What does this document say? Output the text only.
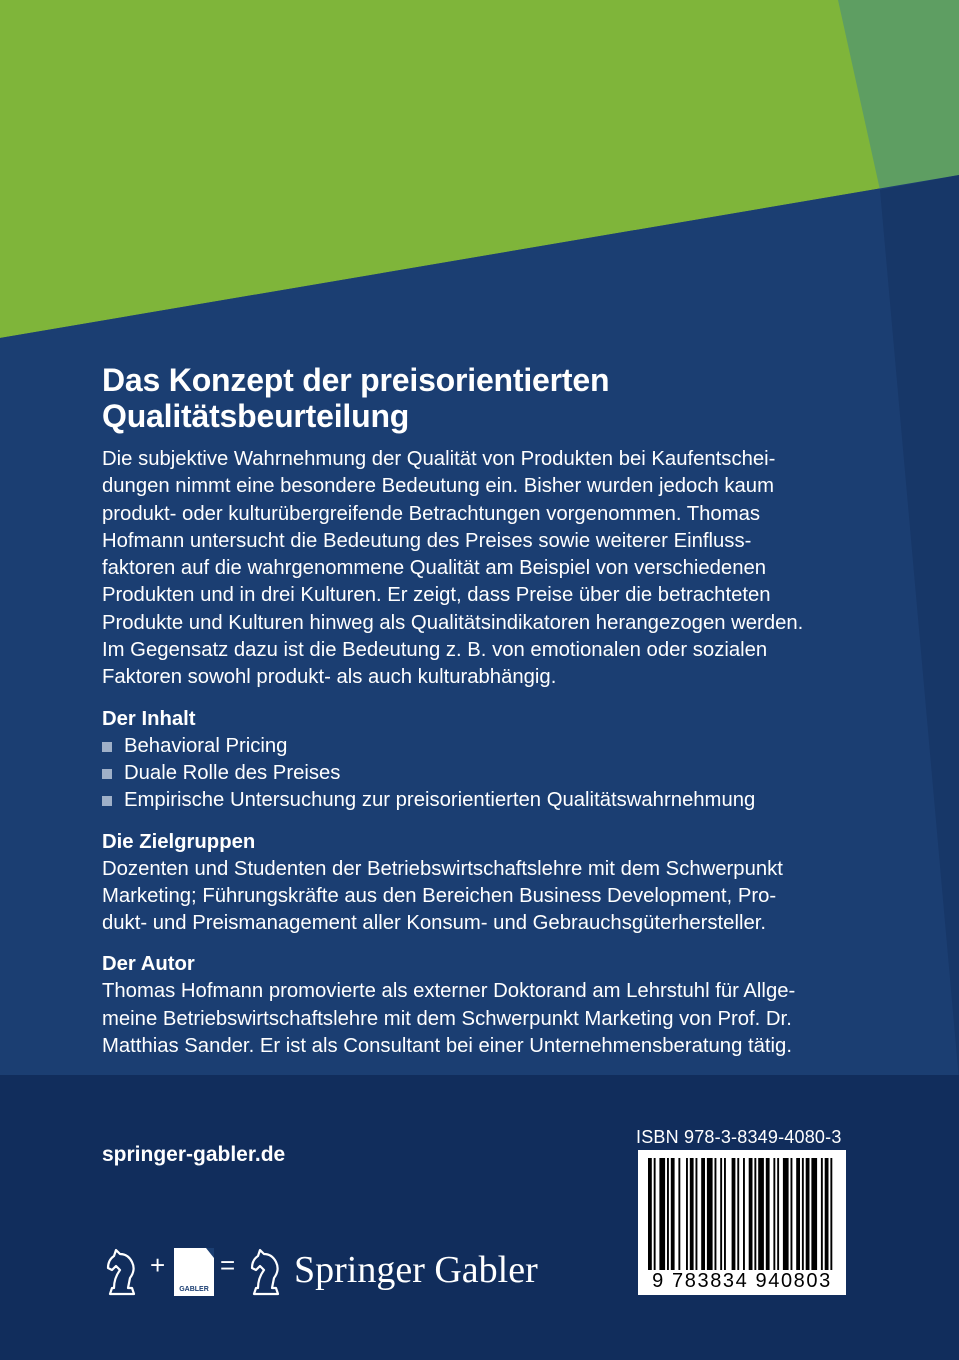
Das Konzept der preisorientierten
Qualitätsbeurteilung
Die subjektive Wahrnehmung der Qualität von Produkten bei Kaufentschei-
dungen nimmt eine besondere Bedeutung ein. Bisher wurden jedoch kaum
produkt- oder kulturübergreifende Betrachtungen vorgenommen. Thomas
Hofmann untersucht die Bedeutung des Preises sowie weiterer Einfluss-
faktoren auf die wahrgenommene Qualität am Beispiel von verschiedenen
Produkten und in drei Kulturen. Er zeigt, dass Preise über die betrachteten
Produkte und Kulturen hinweg als Qualitätsindikatoren herangezogen werden.
Im Gegensatz dazu ist die Bedeutung z. B. von emotionalen oder sozialen
Faktoren sowohl produkt- als auch kulturabhängig.
Der Inhalt
Behavioral Pricing
Duale Rolle des Preises
Empirische Untersuchung zur preisorientierten Qualitätswahrnehmung
Die Zielgruppen
Dozenten und Studenten der Betriebswirtschaftslehre mit dem Schwerpunkt
Marketing; Führungskräfte aus den Bereichen Business Development, Pro-
dukt- und Preismanagement aller Konsum- und Gebrauchsgüterhersteller.
Der Autor
Thomas Hofmann promovierte als externer Doktorand am Lehrstuhl für Allge-
meine Betriebswirtschaftslehre mit dem Schwerpunkt Marketing von Prof. Dr.
Matthias Sander. Er ist als Consultant bei einer Unternehmensberatung tätig.
springer-gabler.de
ISBN 978-3-8349-4080-3
9 783834 940803
+
GABLER
= Springer Gabler
